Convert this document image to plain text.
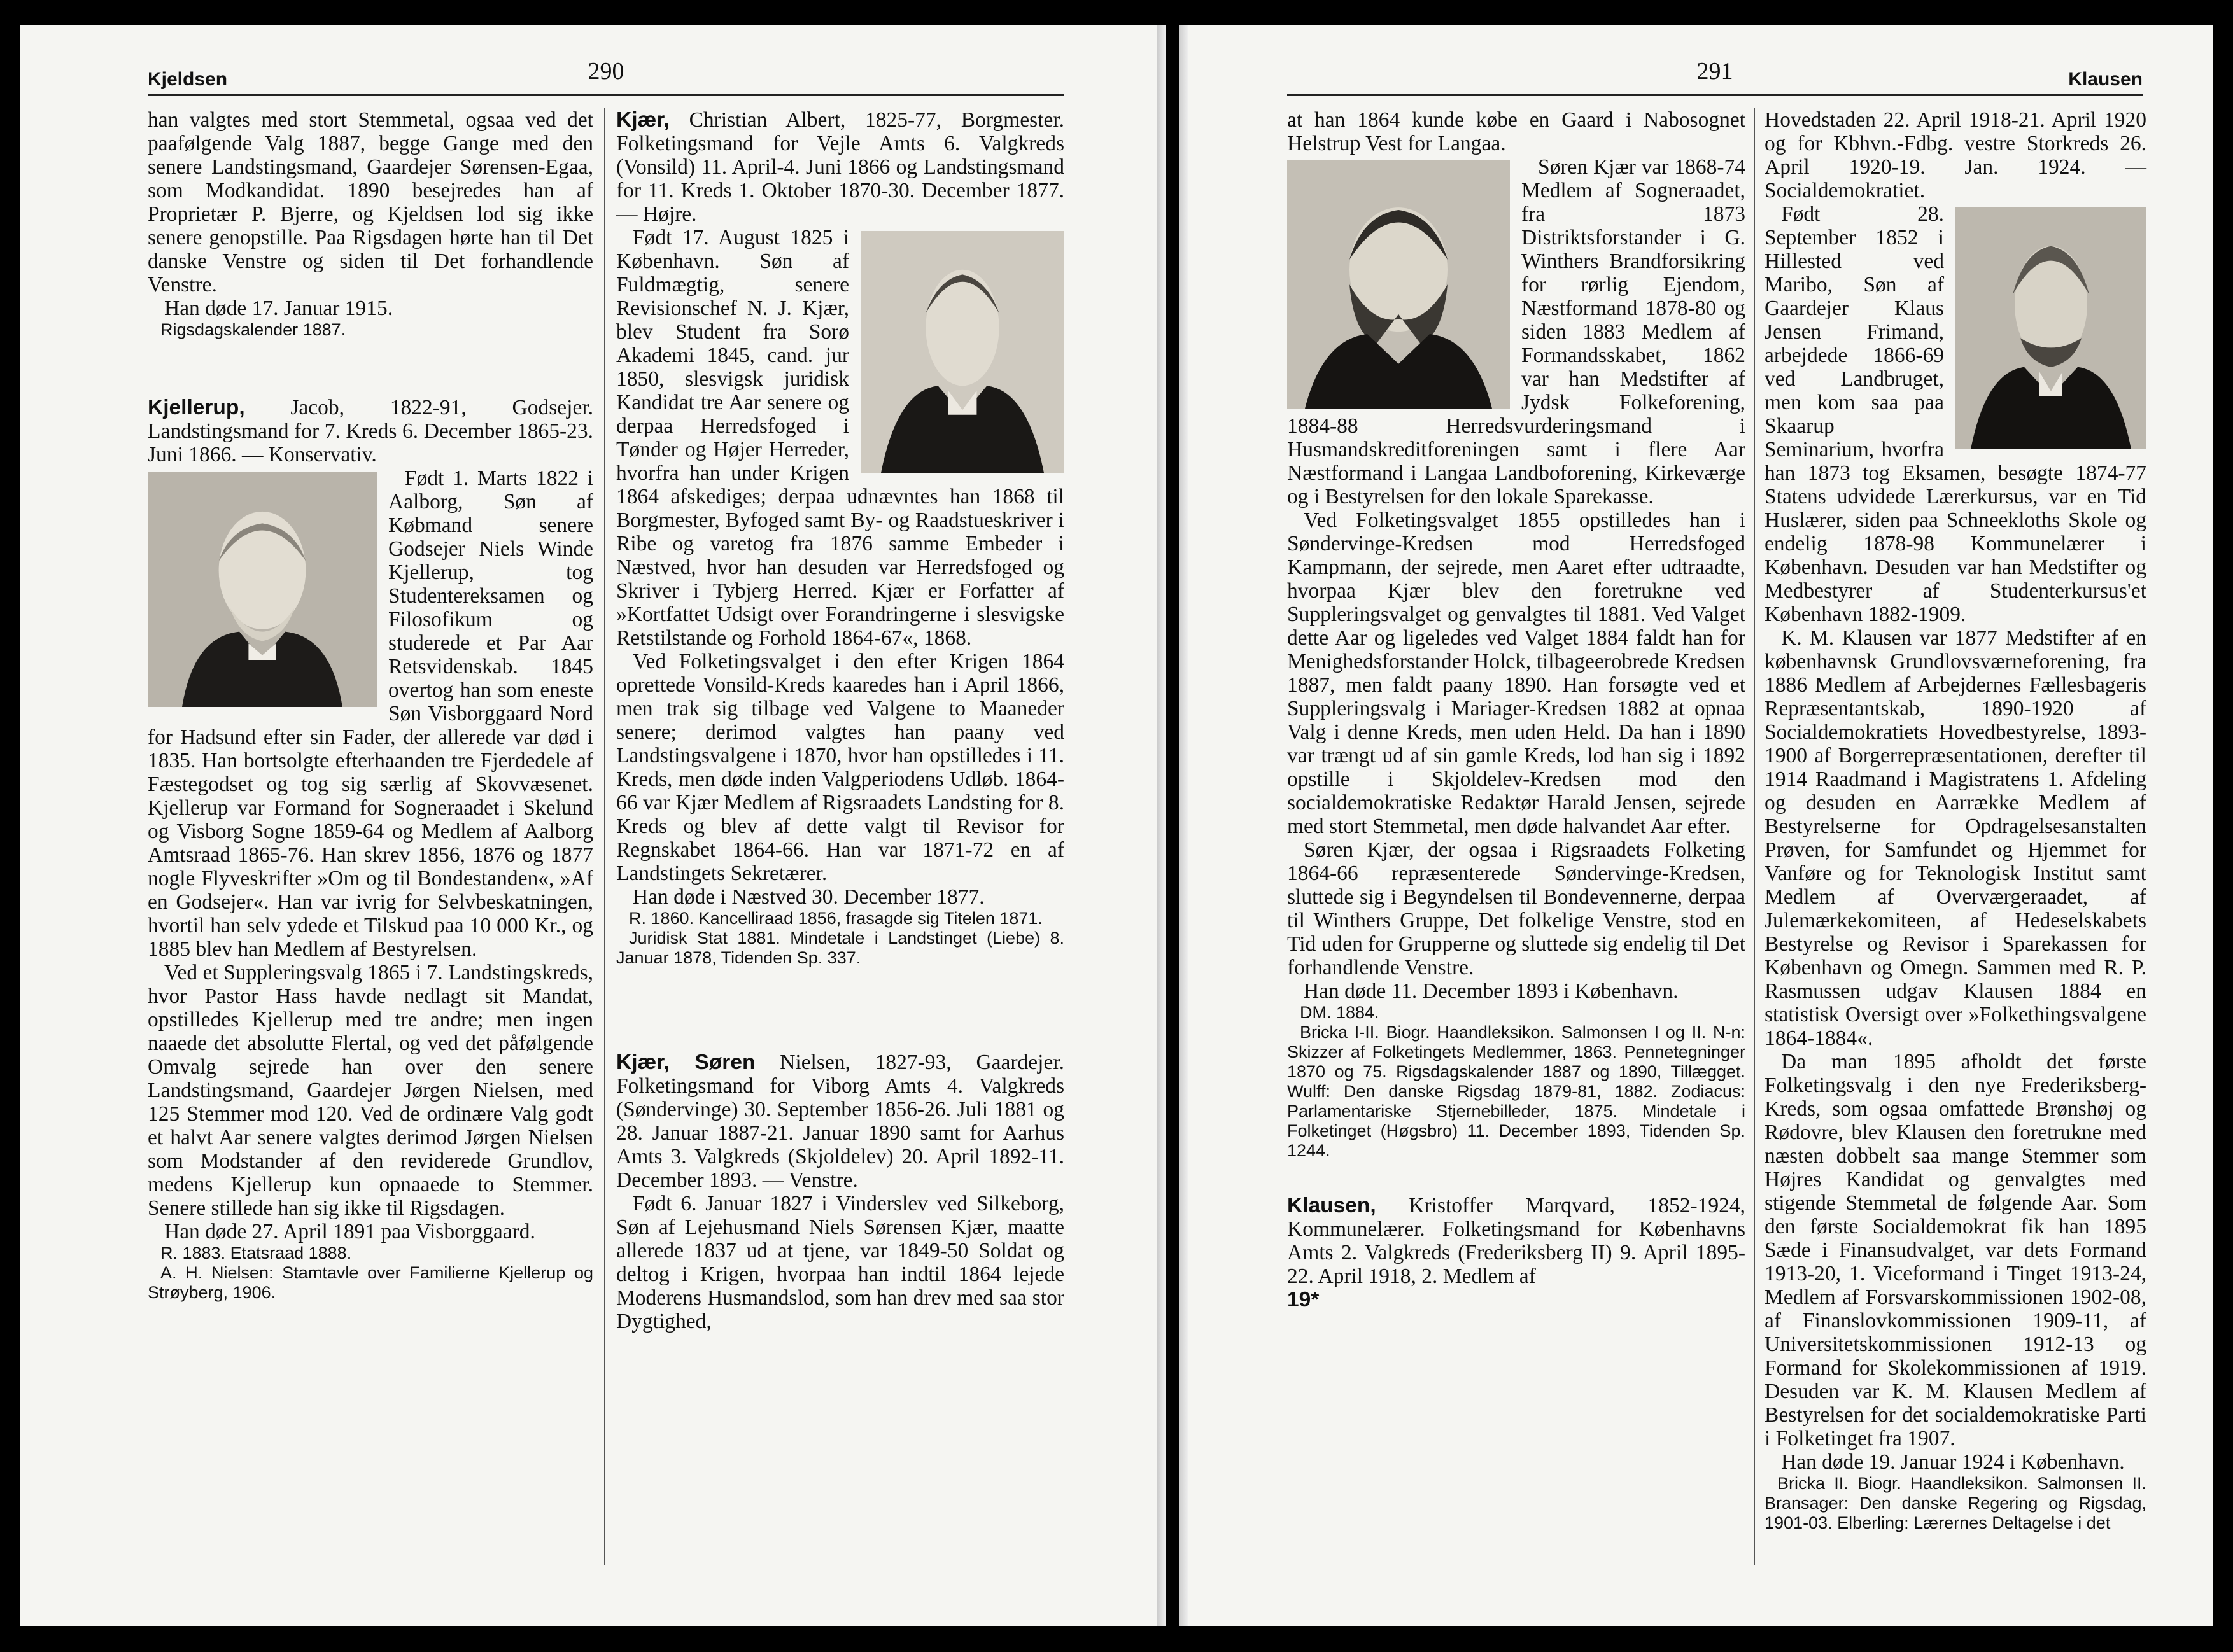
Kjeldsen	290

han valgtes med stort Stemmetal, ogsaa ved det paafølgende Valg 1887, begge Gange med den senere Landstingsmand, Gaardejer Sørensen-Egaa, som Modkandidat. 1890 besejredes han af Proprietær P. Bjerre, og Kjeldsen lod sig ikke senere genopstille. Paa Rigsdagen hørte han til Det danske Venstre og siden til Det forhandlende Venstre.

Han døde 17. Januar 1915.

Rigsdagskalender 1887.

Kjellerup, Jacob, 1822-91, Godsejer. Landstingsmand for 7. Kreds 6. December 1865-23. Juni 1866. — Konservativ.

Født 1. Marts 1822 i Aalborg, Søn af Købmand senere Godsejer Niels Winde Kjellerup, tog Studentereksamen og Filosofikum og studerede et Par Aar Retsvidenskab. 1845 overtog han som eneste Søn Visborggaard Nord for Hadsund efter sin Fader, der allerede var død i 1835. Han bortsolgte efterhaanden tre Fjerdedele af Fæstegodset og tog sig særlig af Skovvæsenet. Kjellerup var Formand for Sogneraadet i Skelund og Visborg Sogne 1859-64 og Medlem af Aalborg Amtsraad 1865-76. Han skrev 1856, 1876 og 1877 nogle Flyveskrifter »Om og til Bondestanden«, »Af en Godsejer«. Han var ivrig for Selvbeskatningen, hvortil han selv ydede et Tilskud paa 10 000 Kr., og 1885 blev han Medlem af Bestyrelsen.

Ved et Suppleringsvalg 1865 i 7. Landstingskreds, hvor Pastor Hass havde nedlagt sit Mandat, opstilledes Kjellerup med tre andre; men ingen naaede det absolutte Flertal, og ved det påfølgende Omvalg sejrede han over den senere Landstingsmand, Gaardejer Jørgen Nielsen, med 125 Stemmer mod 120. Ved de ordinære Valg godt et halvt Aar senere valgtes derimod Jørgen Nielsen som Modstander af den reviderede Grundlov, medens Kjellerup kun opnaaede to Stemmer. Senere stillede han sig ikke til Rigsdagen.

Han døde 27. April 1891 paa Visborggaard.

R. 1883. Etatsraad 1888.

A. H. Nielsen: Stamtavle over Familierne Kjellerup og Strøyberg, 1906.

Kjær, Christian Albert, 1825-77, Borgmester. Folketingsmand for Vejle Amts 6. Valgkreds (Vonsild) 11. April-4. Juni 1866 og Landstingsmand for 11. Kreds 1. Oktober 1870-30. December 1877. — Højre.

Født 17. August 1825 i København. Søn af Fuldmægtig, senere Revisionschef N. J. Kjær, blev Student fra Sorø Akademi 1845, cand. jur 1850, slesvigsk juridisk Kandidat tre Aar senere og derpaa Herredsfoged i Tønder og Højer Herreder, hvorfra han under Krigen 1864 afskediges; derpaa udnævntes han 1868 til Borgmester, Byfoged samt By- og Raadstueskriver i Ribe og varetog fra 1876 samme Embeder i Næstved, hvor han desuden var Herredsfoged og Skriver i Tybjerg Herred. Kjær er Forfatter af »Kortfattet Udsigt over Forandringerne i slesvigske Retstilstande og Forhold 1864-67«, 1868.

Ved Folketingsvalget i den efter Krigen 1864 oprettede Vonsild-Kreds kaaredes han i April 1866, men trak sig tilbage ved Valgene to Maaneder senere; derimod valgtes han paany ved Landstingsvalgene i 1870, hvor han opstilledes i 11. Kreds, men døde inden Valgperiodens Udløb. 1864-66 var Kjær Medlem af Rigsraadets Landsting for 8. Kreds og blev af dette valgt til Revisor for Regnskabet 1864-66. Han var 1871-72 en af Landstingets Sekretærer.

Han døde i Næstved 30. December 1877.

R. 1860. Kancelliraad 1856, frasagde sig Titelen 1871.

Juridisk Stat 1881. Mindetale i Landstinget (Liebe) 8. Januar 1878, Tidenden Sp. 337.

Kjær, Søren Nielsen, 1827-93, Gaardejer. Folketingsmand for Viborg Amts 4. Valgkreds (Søndervinge) 30. September 1856-26. Juli 1881 og 28. Januar 1887-21. Januar 1890 samt for Aarhus Amts 3. Valgkreds (Skjoldelev) 20. April 1892-11. December 1893. — Venstre.

Født 6. Januar 1827 i Vinderslev ved Silkeborg, Søn af Lejehusmand Niels Sørensen Kjær, maatte allerede 1837 ud at tjene, var 1849-50 Soldat og deltog i Krigen, hvorpaa han indtil 1864 lejede Moderens Husmandslod, som han drev med saa stor Dygtighed,

291	Klausen

at han 1864 kunde købe en Gaard i Nabosognet Helstrup Vest for Langaa.

Søren Kjær var 1868-74 Medlem af Sogneraadet, fra 1873 Distriktsforstander i G. Winthers Brandforsikring for rørlig Ejendom, Næstformand 1878-80 og siden 1883 Medlem af Formandsskabet, 1862 var han Medstifter af Jydsk Folkeforening, 1884-88 Herredsvurderingsmand i Husmandskreditforeningen samt i flere Aar Næstformand i Langaa Landboforening, Kirkeværge og i Bestyrelsen for den lokale Sparekasse.

Ved Folketingsvalget 1855 opstilledes han i Søndervinge-Kredsen mod Herredsfoged Kampmann, der sejrede, men Aaret efter udtraadte, hvorpaa Kjær blev den foretrukne ved Suppleringsvalget og genvalgtes til 1881. Ved Valget dette Aar og ligeledes ved Valget 1884 faldt han for Menighedsforstander Holck, tilbageerobrede Kredsen 1887, men faldt paany 1890. Han forsøgte ved et Suppleringsvalg i Mariager-Kredsen 1882 at opnaa Valg i denne Kreds, men uden Held. Da han i 1890 var trængt ud af sin gamle Kreds, lod han sig i 1892 opstille i Skjoldelev-Kredsen mod den socialdemokratiske Redaktør Harald Jensen, sejrede med stort Stemmetal, men døde halvandet Aar efter.

Søren Kjær, der ogsaa i Rigsraadets Folketing 1864-66 repræsenterede Søndervinge-Kredsen, sluttede sig i Begyndelsen til Bondevennerne, derpaa til Winthers Gruppe, Det folkelige Venstre, stod en Tid uden for Grupperne og sluttede sig endelig til Det forhandlende Venstre.

Han døde 11. December 1893 i København.

DM. 1884.

Bricka I-II. Biogr. Haandleksikon. Salmonsen I og II. N-n: Skizzer af Folketingets Medlemmer, 1863. Pennetegninger 1870 og 75. Rigsdagskalender 1887 og 1890, Tillægget. Wulff: Den danske Rigsdag 1879-81, 1882. Zodiacus: Parlamentariske Stjernebilleder, 1875. Mindetale i Folketinget (Høgsbro) 11. December 1893, Tidenden Sp. 1244.

Klausen, Kristoffer Marqvard, 1852-1924, Kommunelærer. Folketingsmand for Københavns Amts 2. Valgkreds (Frederiksberg II) 9. April 1895-22. April 1918, 2. Medlem af

19*

Hovedstaden 22. April 1918-21. April 1920 og for Kbhvn.-Fdbg. vestre Storkreds 26. April 1920-19. Jan. 1924. — Socialdemokratiet.

Født 28. September 1852 i Hillested ved Maribo, Søn af Gaardejer Klaus Jensen Frimand, arbejdede 1866-69 ved Landbruget, men kom saa paa Skaarup Seminarium, hvorfra han 1873 tog Eksamen, besøgte 1874-77 Statens udvidede Lærerkursus, var en Tid Huslærer, siden paa Schneekloths Skole og endelig 1878-98 Kommunelærer i København. Desuden var han Medstifter og Medbestyrer af Studenterkursus'et København 1882-1909.

K. M. Klausen var 1877 Medstifter af en københavnsk Grundlovsværneforening, fra 1886 Medlem af Arbejdernes Fællesbageris Repræsentantskab, 1890-1920 af Socialdemokratiets Hovedbestyrelse, 1893-1900 af Borgerrepræsentationen, derefter til 1914 Raadmand i Magistratens 1. Afdeling og desuden en Aarrække Medlem af Bestyrelserne for Opdragelsesanstalten Prøven, for Samfundet og Hjemmet for Vanføre og for Teknologisk Institut samt Medlem af Overværgeraadet, af Julemærkekomiteen, af Hedeselskabets Bestyrelse og Revisor i Sparekassen for København og Omegn. Sammen med R. P. Rasmussen udgav Klausen 1884 en statistisk Oversigt over »Folkethingsvalgene 1864-1884«.

Da man 1895 afholdt det første Folketingsvalg i den nye Frederiksberg-Kreds, som ogsaa omfattede Brønshøj og Rødovre, blev Klausen den foretrukne med næsten dobbelt saa mange Stemmer som Højres Kandidat og genvalgtes med stigende Stemmetal de følgende Aar. Som den første Socialdemokrat fik han 1895 Sæde i Finansudvalget, var dets Formand 1913-20, 1. Viceformand i Tinget 1913-24, Medlem af Forsvarskommissionen 1902-08, af Finanslovkommissionen 1909-11, af Universitetskommissionen 1912-13 og Formand for Skolekommissionen af 1919. Desuden var K. M. Klausen Medlem af Bestyrelsen for det socialdemokratiske Parti i Folketinget fra 1907.

Han døde 19. Januar 1924 i København.

Bricka II. Biogr. Haandleksikon. Salmonsen II. Bransager: Den danske Regering og Rigsdag, 1901-03. Elberling: Lærernes Deltagelse i det
